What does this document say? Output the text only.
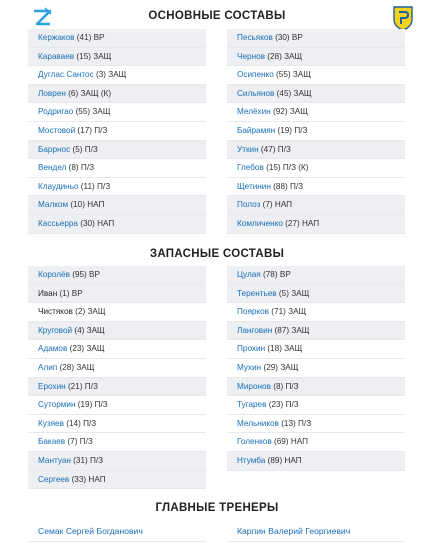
ОСНОВНЫЕ СОСТАВЫ
ЗАПАСНЫЕ СОСТАВЫ
ГЛАВНЫЕ ТРЕНЕРЫ
Кержаков (41) ВР
Караваев (15) ЗАЩ
Дуглас Сантос (3) ЗАЩ
Ловрен (6) ЗАЩ (К)
Родригао (55) ЗАЩ
Мостовой (17) П/З
Баррнос (5) П/З
Вендел (8) П/З
Клаудиньо (11) П/З
Малком (10) НАП
Кассьерра (30) НАП
Песьяков (30) ВР
Чернов (28) ЗАЩ
Осипенко (55) ЗАЩ
Сильянов (45) ЗАЩ
Мелёхин (92) ЗАЩ
Байрамян (19) П/З
Уткин (47) П/З
Глебов (15) П/З (К)
Щетинин (88) П/З
Полоз (7) НАП
Комличенко (27) НАП
Королёв (95) ВР
Иван (1) ВР
Чистяков (2) ЗАЩ
Круговой (4) ЗАЩ
Адамов (23) ЗАЩ
Алип (28) ЗАЩ
Ерохин (21) П/З
Сутормин (19) П/З
Кузяев (14) П/З
Бакаев (7) П/З
Мантуан (31) П/З
Сергеев (33) НАП
Цулая (78) ВР
Терентьев (5) ЗАЩ
Поярков (71) ЗАЩ
Ланговин (87) ЗАЩ
Прохин (18) ЗАЩ
Мухин (29) ЗАЩ
Миронов (8) П/З
Тугарев (23) П/З
Мельников (13) П/З
Голенков (69) НАП
Нтумба (89) НАП
Семак Сергей Богданович	Карпин Валерий Георгиевич
